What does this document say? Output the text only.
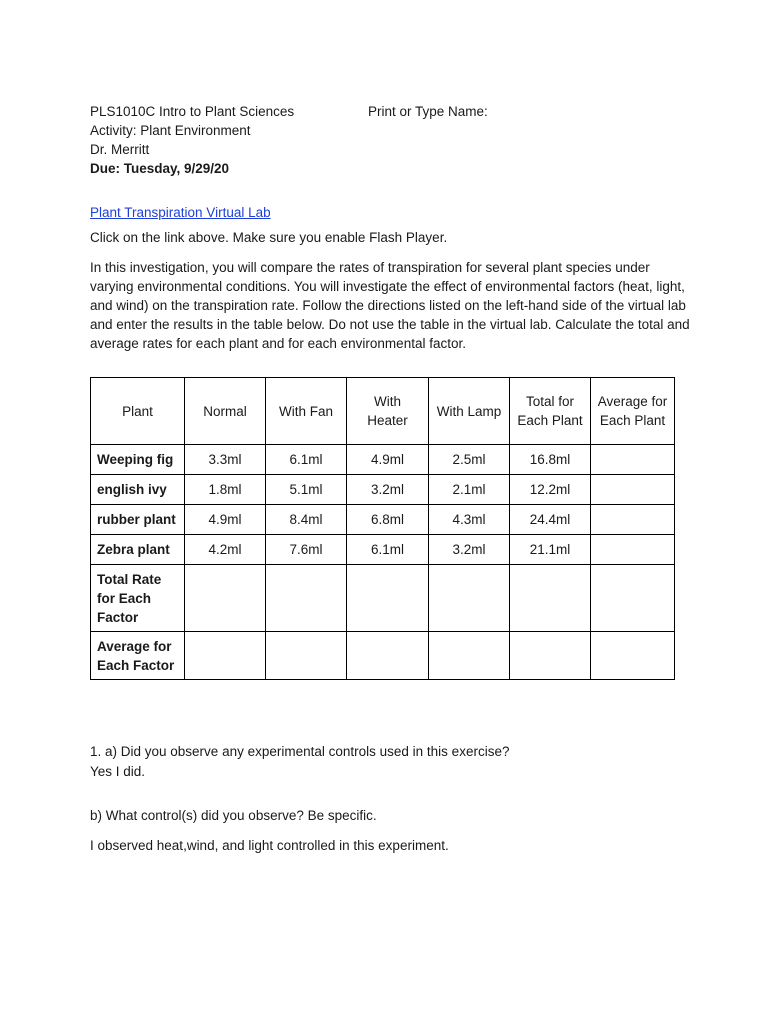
PLS1010C Intro to Plant Sciences
Activity: Plant Environment
Dr. Merritt
Due: Tuesday, 9/29/20
Print or Type Name:
Plant Transpiration Virtual Lab
Click on the link above. Make sure you enable Flash Player.
In this investigation, you will compare the rates of transpiration for several plant species under varying environmental conditions. You will investigate the effect of environmental factors (heat, light, and wind) on the transpiration rate. Follow the directions listed on the left-hand side of the virtual lab and enter the results in the table below. Do not use the table in the virtual lab. Calculate the total and average rates for each plant and for each environmental factor.
Plant	Normal	With Fan	With Heater	With Lamp	Total for Each Plant	Average for Each Plant
Weeping fig	3.3ml	6.1ml	4.9ml	2.5ml	16.8ml	
english ivy	1.8ml	5.1ml	3.2ml	2.1ml	12.2ml	
rubber plant	4.9ml	8.4ml	6.8ml	4.3ml	24.4ml	
Zebra plant	4.2ml	7.6ml	6.1ml	3.2ml	21.1ml	
Total Rate for Each Factor						
Average for Each Factor						
1. a) Did you observe any experimental controls used in this exercise?
Yes I did.
b) What control(s) did you observe? Be specific.
I observed heat,wind, and light controlled in this experiment.
